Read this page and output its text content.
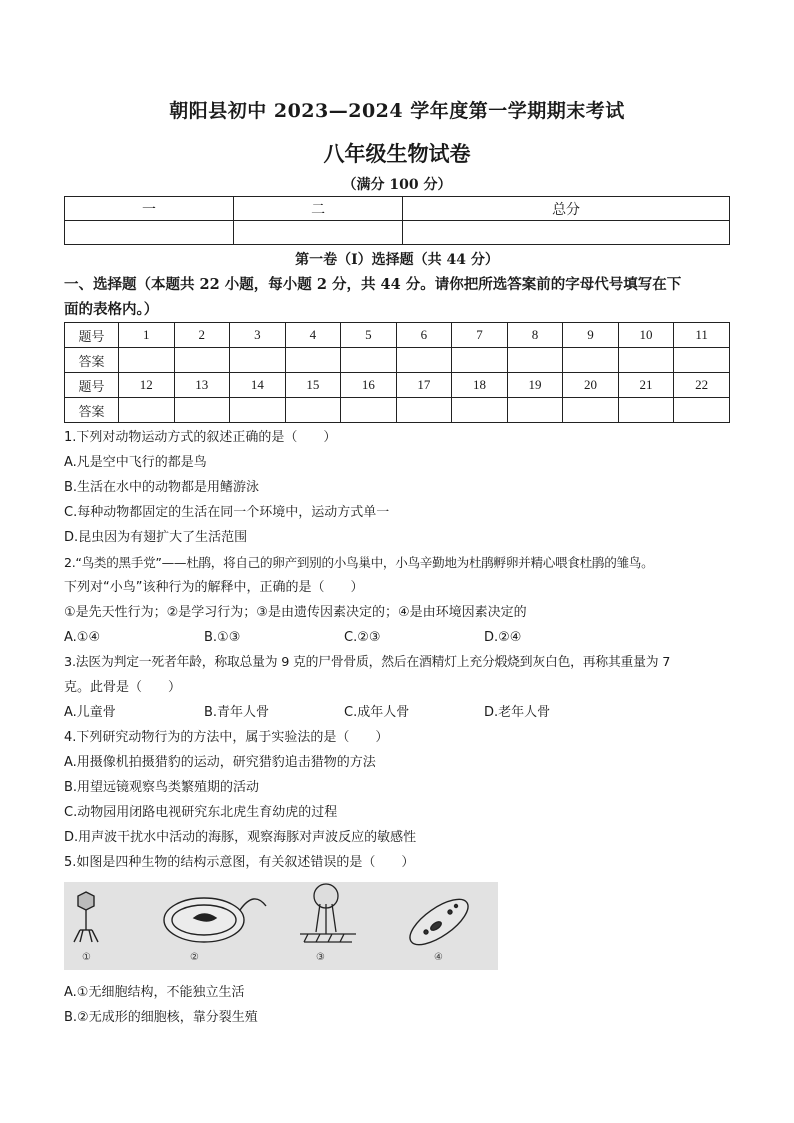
朝阳县初中 2023—2024 学年度第一学期期末考试
八年级生物试卷
（满分 100 分）
一	二	总分

第一卷（I）选择题（共 44 分）
一、选择题（本题共 22 小题，每小题 2 分，共 44 分。请你把所选答案前的字母代号填写在下
面的表格内。）
题号	1	2	3	4	5	6	7	8	9	10	11
答案											
题号	12	13	14	15	16	17	18	19	20	21	22
答案											
1.下列对动物运动方式的叙述正确的是（　　）
A.凡是空中飞行的都是鸟
B.生活在水中的动物都是用鳍游泳
C.每种动物都固定的生活在同一个环境中，运动方式单一
D.昆虫因为有翅扩大了生活范围
2.“鸟类的黑手党”——杜鹃，将自己的卵产到别的小鸟巢中，小鸟辛勤地为杜鹃孵卵并精心喂食杜鹃的雏鸟。
下列对“小鸟”该种行为的解释中，正确的是（　　）
①是先天性行为；②是学习行为；③是由遗传因素决定的；④是由环境因素决定的
A.①④	B.①③	C.②③	D.②④
3.法医为判定一死者年龄，称取总量为 9 克的尸骨骨质，然后在酒精灯上充分煅烧到灰白色，再称其重量为 7
克。此骨是（　　）
A.儿童骨	B.青年人骨	C.成年人骨	D.老年人骨
4.下列研究动物行为的方法中，属于实验法的是（　　）
A.用摄像机拍摄猎豹的运动，研究猎豹追击猎物的方法
B.用望远镜观察鸟类繁殖期的活动
C.动物园用闭路电视研究东北虎生育幼虎的过程
D.用声波干扰水中活动的海豚，观察海豚对声波反应的敏感性
5.如图是四种生物的结构示意图，有关叙述错误的是（　　）
①	②	③	④
A.①无细胞结构，不能独立生活
B.②无成形的细胞核，靠分裂生殖
